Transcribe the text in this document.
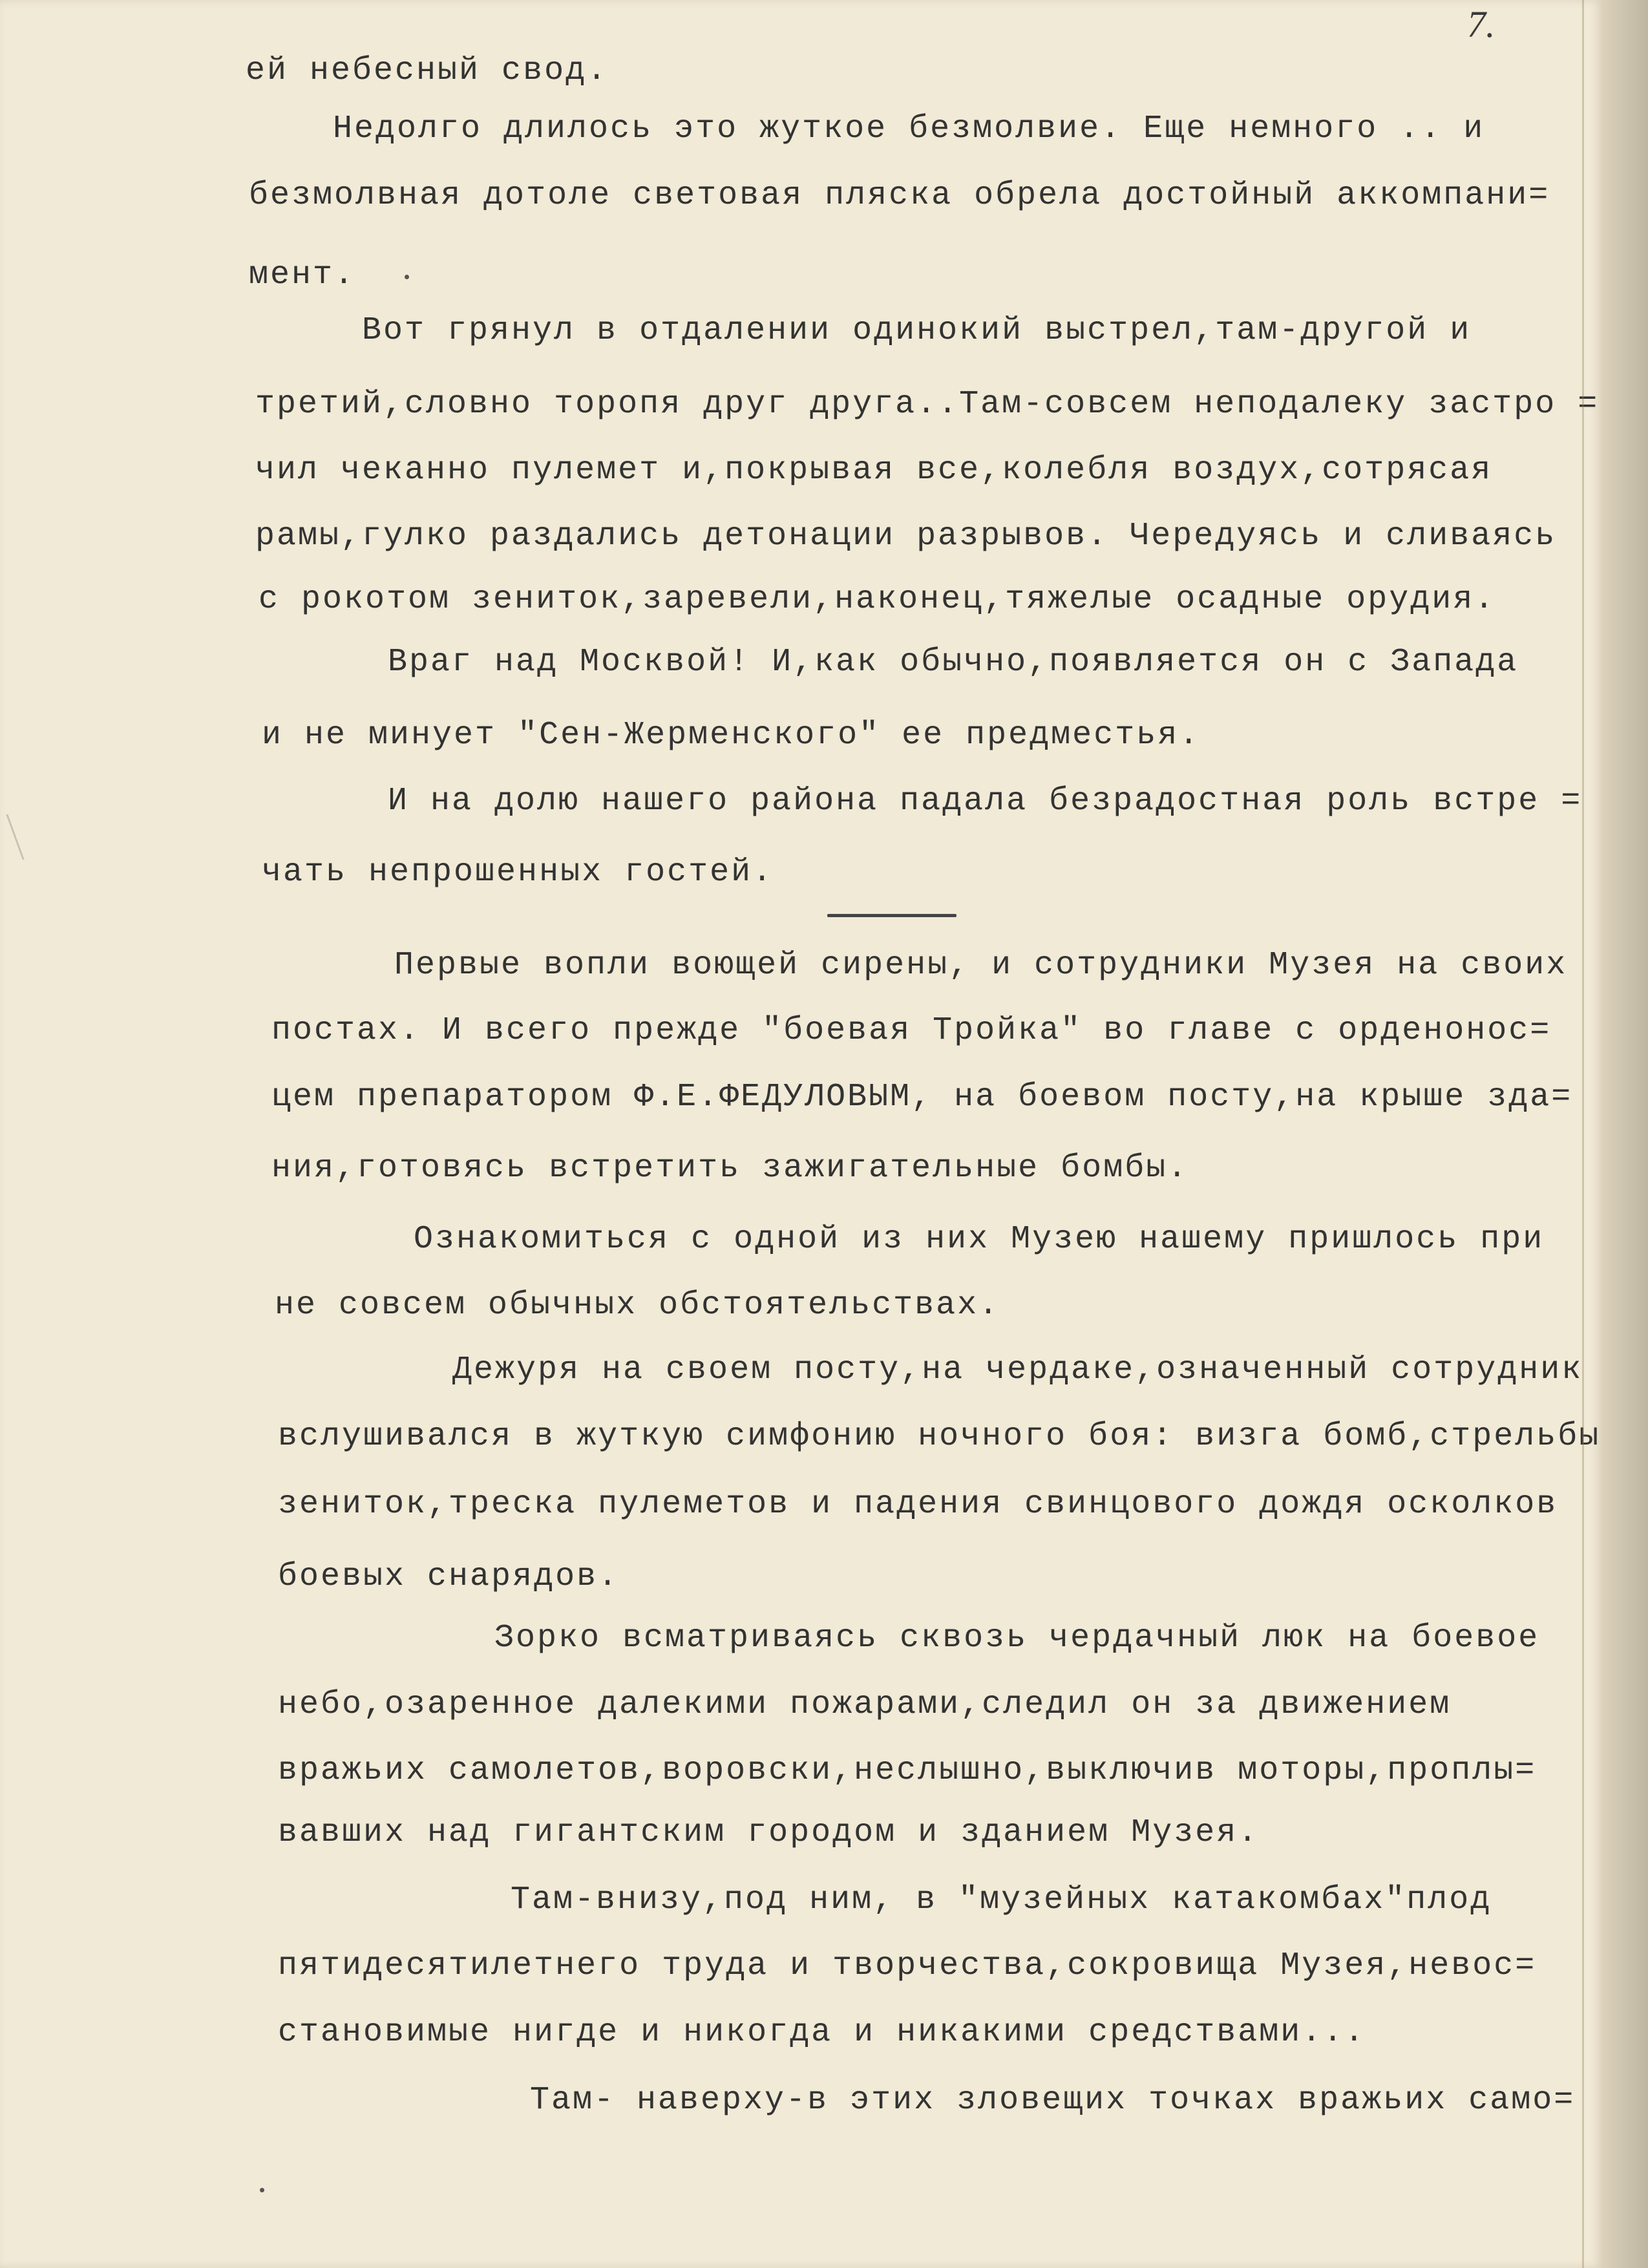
7.
ей небесный свод.
Недолго длилось это жуткое безмолвие. Еще немного .. и
безмолвная дотоле световая пляска обрела достойный аккомпани=
мент.
Вот грянул в отдалении одинокий выстрел,там-другой и
третий,словно торопя друг друга..Там-совсем неподалеку застро =
чил чеканно пулемет и,покрывая все,колебля воздух,сотрясая
рамы,гулко раздались детонации разрывов. Чередуясь и сливаясь
с рокотом зениток,заревели,наконец,тяжелые осадные орудия.
Враг над Москвой! И,как обычно,появляется он с Запада
и не минует "Сен-Жерменского" ее предместья.
И на долю нашего района падала безрадостная роль встре =
чать непрошенных гостей.
Первые вопли воющей сирены, и сотрудники Музея на своих
постах. И всего прежде "боевая Тройка" во главе с орденонос=
цем препаратором Ф.Е.ФЕДУЛОВЫМ, на боевом посту,на крыше зда=
ния,готовясь встретить зажигательные бомбы.
Ознакомиться с одной из них Музею нашему пришлось при
не совсем обычных обстоятельствах.
Дежуря на своем посту,на чердаке,означенный сотрудник
вслушивался в жуткую симфонию ночного боя: визга бомб,стрельбы
зениток,треска пулеметов и падения свинцового дождя осколков
боевых снарядов.
Зорко всматриваясь сквозь чердачный люк на боевое
небо,озаренное далекими пожарами,следил он за движением
вражьих самолетов,воровски,неслышно,выключив моторы,проплы=
вавших над гигантским городом и зданием Музея.
Там-внизу,под ним, в "музейных катакомбах"плод
пятидесятилетнего труда и творчества,сокровища Музея,невос=
становимые нигде и никогда и никакими средствами...
Там- наверху-в этих зловещих точках вражьих само=
